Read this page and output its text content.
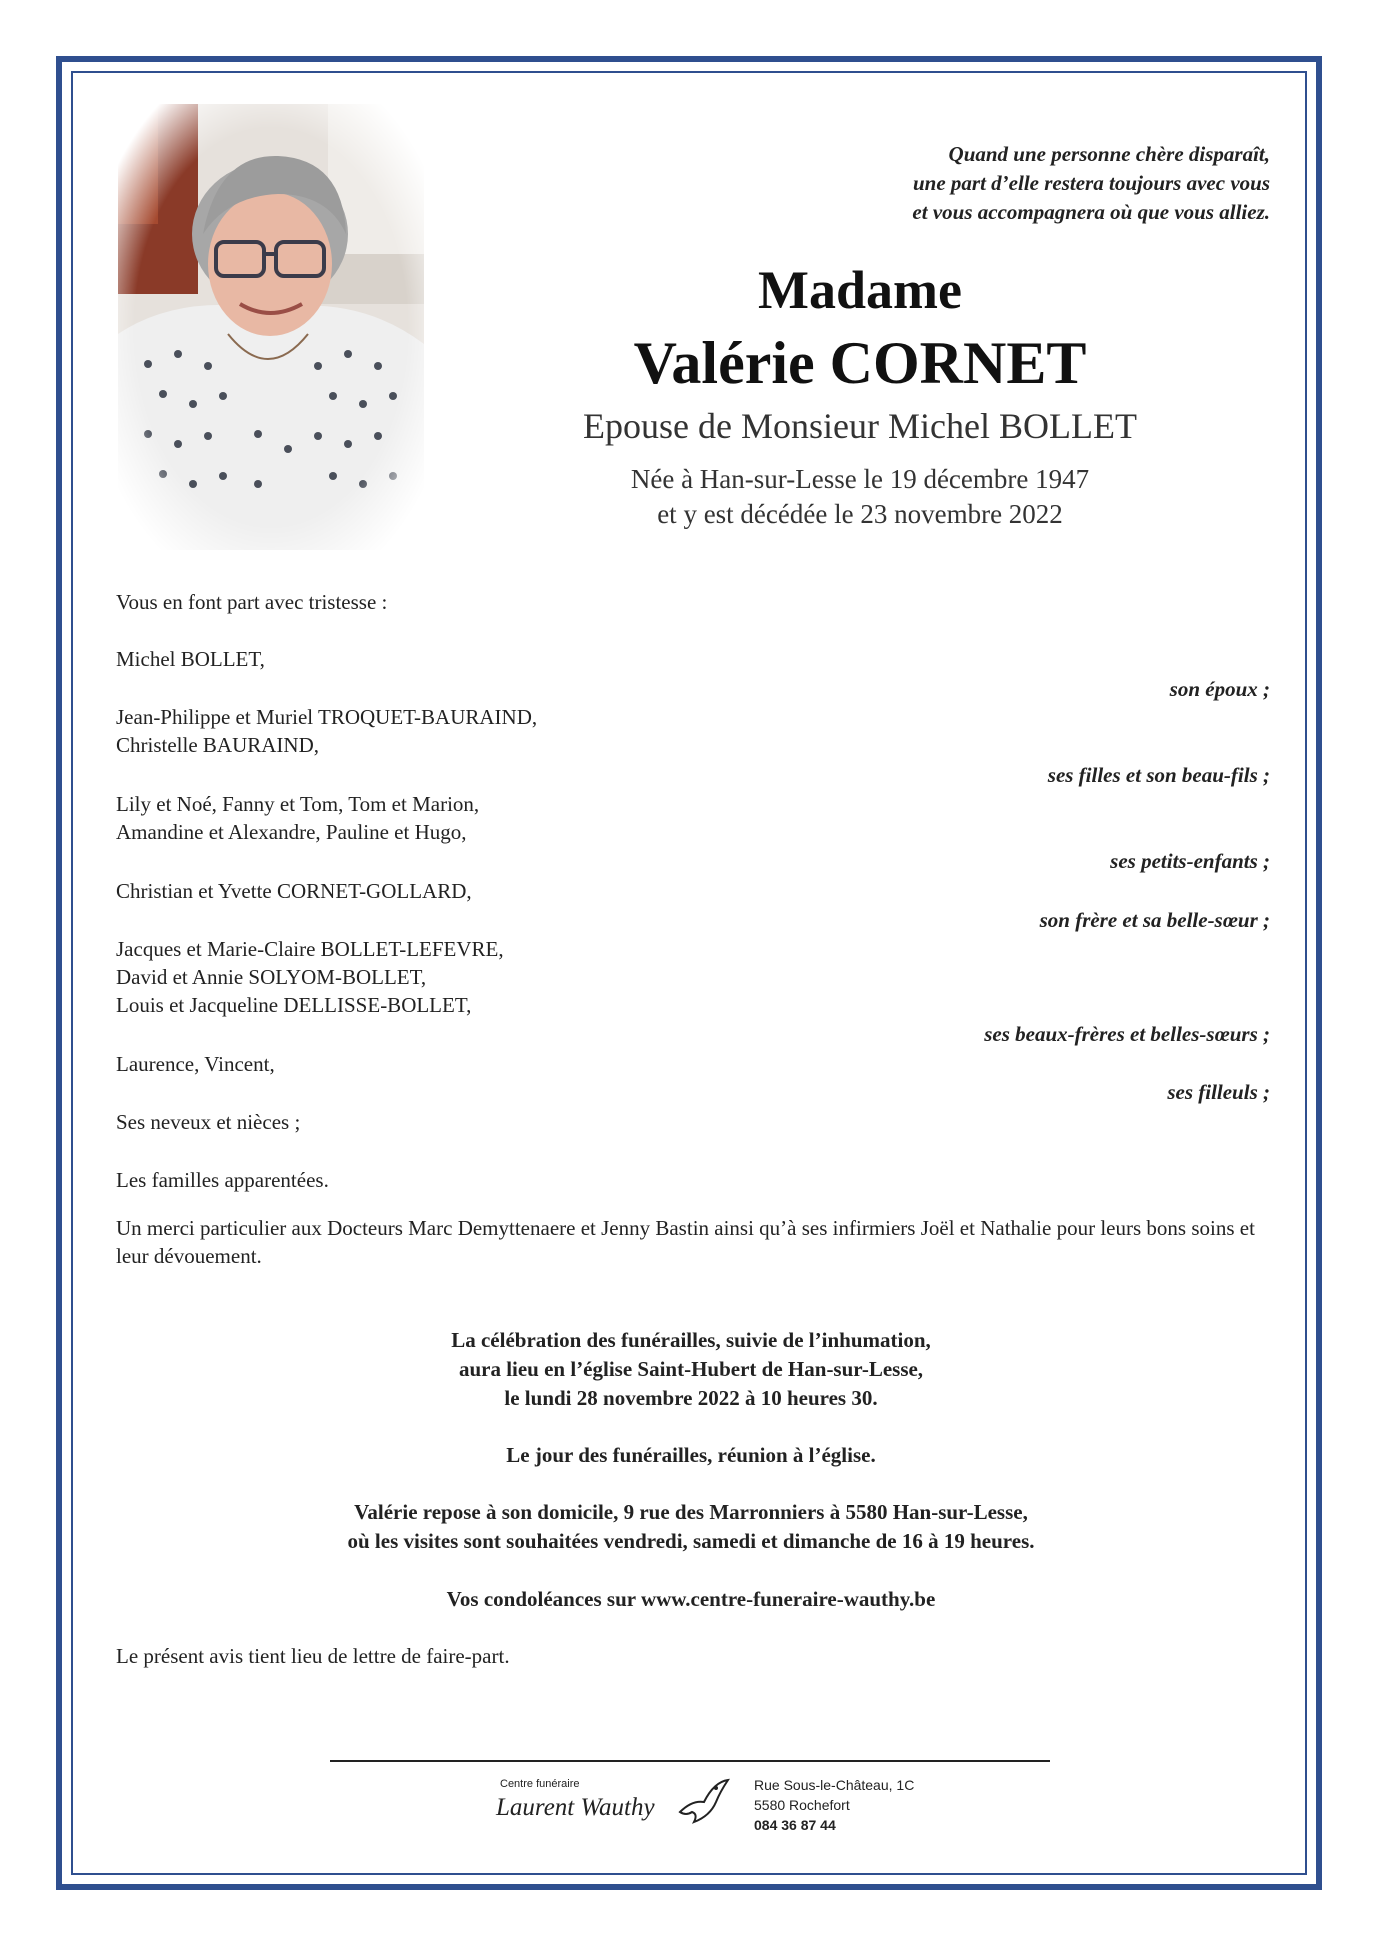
Quand une personne chère disparaît,
une part d’elle restera toujours avec vous
et vous accompagnera où que vous alliez.
Madame
Valérie CORNET
Epouse de Monsieur Michel BOLLET
Née à Han-sur-Lesse le 19 décembre 1947
et y est décédée le 23 novembre 2022
Vous en font part avec tristesse :
Michel BOLLET,
son époux ;
Jean-Philippe et Muriel TROQUET-BAURAIND,
Christelle BAURAIND,
ses filles et son beau-fils ;
Lily et Noé, Fanny et Tom, Tom et Marion,
Amandine et Alexandre, Pauline et Hugo,
ses petits-enfants ;
Christian et Yvette CORNET-GOLLARD,
son frère et sa belle-sœur ;
Jacques et Marie-Claire BOLLET-LEFEVRE,
David et Annie SOLYOM-BOLLET,
Louis et Jacqueline DELLISSE-BOLLET,
ses beaux-frères et belles-sœurs ;
Laurence, Vincent,
ses filleuls ;
Ses neveux et nièces ;
Les familles apparentées.
Un merci particulier aux Docteurs Marc Demyttenaere et Jenny Bastin ainsi qu’à ses infirmiers Joël et Nathalie pour leurs bons soins et leur dévouement.
La célébration des funérailles, suivie de l’inhumation,
aura lieu en l’église Saint-Hubert de Han-sur-Lesse,
le lundi 28 novembre 2022 à 10 heures 30.
Le jour des funérailles, réunion à l’église.
Valérie repose à son domicile, 9 rue des Marronniers à 5580 Han-sur-Lesse,
où les visites sont souhaitées vendredi, samedi et dimanche de 16 à 19 heures.
Vos condoléances sur www.centre-funeraire-wauthy.be
Le présent avis tient lieu de lettre de faire-part.
Centre funéraire
Laurent Wauthy
Rue Sous-le-Château, 1C
5580 Rochefort
084 36 87 44
